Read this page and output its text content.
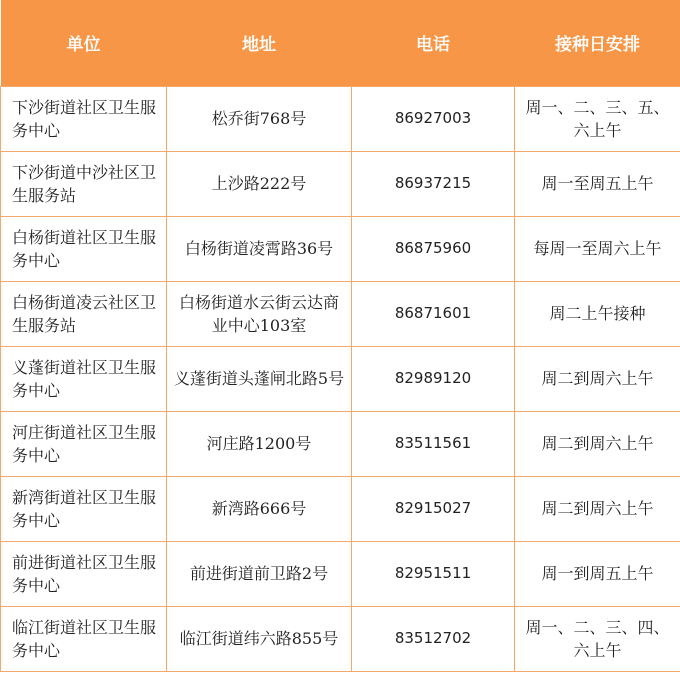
单位	地址	电话	接种日安排
下沙街道社区卫生服务中心	松乔街768号	86927003	周一、二、三、五、六上午
下沙街道中沙社区卫生服务站	上沙路222号	86937215	周一至周五上午
白杨街道社区卫生服务中心	白杨街道凌霄路36号	86875960	每周一至周六上午
白杨街道凌云社区卫生服务站	白杨街道水云街云达商业中心103室	86871601	周二上午接种
义蓬街道社区卫生服务中心	义蓬街道头蓬闸北路5号	82989120	周二到周六上午
河庄街道社区卫生服务中心	河庄路1200号	83511561	周二到周六上午
新湾街道社区卫生服务中心	新湾路666号	82915027	周二到周六上午
前进街道社区卫生服务中心	前进街道前卫路2号	82951511	周一到周五上午
临江街道社区卫生服务中心	临江街道纬六路855号	83512702	周一、二、三、四、六上午
